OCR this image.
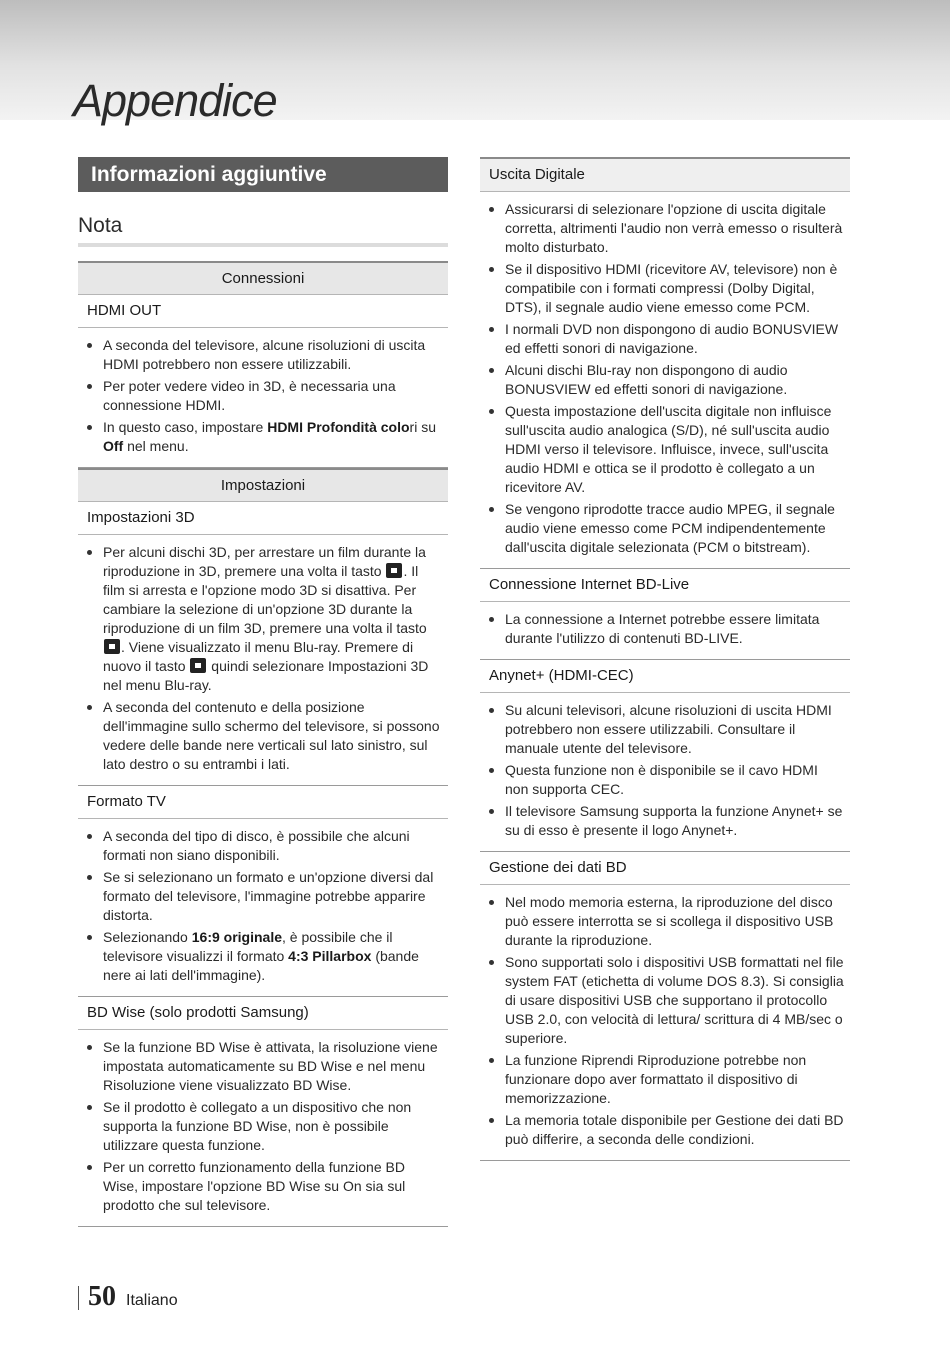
Appendice
Informazioni aggiuntive
Nota
Connessioni
HDMI OUT
A seconda del televisore, alcune risoluzioni di uscita HDMI potrebbero non essere utilizzabili.
Per poter vedere video in 3D, è necessaria una connessione HDMI.
In questo caso, impostare HDMI Profondità colori su Off nel menu.
Impostazioni
Impostazioni 3D
Per alcuni dischi 3D, per arrestare un film durante la riproduzione in 3D, premere una volta il tasto . Il film si arresta e l'opzione modo 3D si disattiva. Per cambiare la selezione di un'opzione 3D durante la riproduzione di un film 3D, premere una volta il tasto . Viene visualizzato il menu Blu-ray. Premere di nuovo il tasto  quindi selezionare Impostazioni 3D nel menu Blu-ray.
A seconda del contenuto e della posizione dell'immagine sullo schermo del televisore, si possono vedere delle bande nere verticali sul lato sinistro, sul lato destro o su entrambi i lati.
Formato TV
A seconda del tipo di disco, è possibile che alcuni formati non siano disponibili.
Se si selezionano un formato e un'opzione diversi dal formato del televisore, l'immagine potrebbe apparire distorta.
Selezionando 16:9 originale, è possibile che il televisore visualizzi il formato 4:3 Pillarbox (bande nere ai lati dell'immagine).
BD Wise (solo prodotti Samsung)
Se la funzione BD Wise è attivata, la risoluzione viene impostata automaticamente su BD Wise e nel menu Risoluzione viene visualizzato BD Wise.
Se il prodotto è collegato a un dispositivo che non supporta la funzione BD Wise, non è possibile utilizzare questa funzione.
Per un corretto funzionamento della funzione BD Wise, impostare l'opzione BD Wise su On sia sul prodotto che sul televisore.
Uscita Digitale
Assicurarsi di selezionare l'opzione di uscita digitale corretta, altrimenti l'audio non verrà emesso o risulterà molto disturbato.
Se il dispositivo HDMI (ricevitore AV, televisore) non è compatibile con i formati compressi (Dolby Digital, DTS), il segnale audio viene emesso come PCM.
I normali DVD non dispongono di audio BONUSVIEW ed effetti sonori di navigazione.
Alcuni dischi Blu-ray non dispongono di audio BONUSVIEW ed effetti sonori di navigazione.
Questa impostazione dell'uscita digitale non influisce sull'uscita audio analogica (S/D), né sull'uscita audio HDMI verso il televisore. Influisce, invece, sull'uscita audio HDMI e ottica se il prodotto è collegato a un ricevitore AV.
Se vengono riprodotte tracce audio MPEG, il segnale audio viene emesso come PCM indipendentemente dall'uscita digitale selezionata (PCM o bitstream).
Connessione Internet BD-Live
La connessione a Internet potrebbe essere limitata durante l'utilizzo di contenuti BD-LIVE.
Anynet+ (HDMI-CEC)
Su alcuni televisori, alcune risoluzioni di uscita HDMI potrebbero non essere utilizzabili. Consultare il manuale utente del televisore.
Questa funzione non è disponibile se il cavo HDMI non supporta CEC.
Il televisore Samsung supporta la funzione Anynet+ se su di esso è presente il logo Anynet+.
Gestione dei dati BD
Nel modo memoria esterna, la riproduzione del disco può essere interrotta se si scollega il dispositivo USB durante la riproduzione.
Sono supportati solo i dispositivi USB formattati nel file system FAT (etichetta di volume DOS 8.3). Si consiglia di usare dispositivi USB che supportano il protocollo USB 2.0, con velocità di lettura/ scrittura di 4 MB/sec o superiore.
La funzione Riprendi Riproduzione potrebbe non funzionare dopo aver formattato il dispositivo di memorizzazione.
La memoria totale disponibile per Gestione dei dati BD può differire, a seconda delle condizioni.
50 Italiano
